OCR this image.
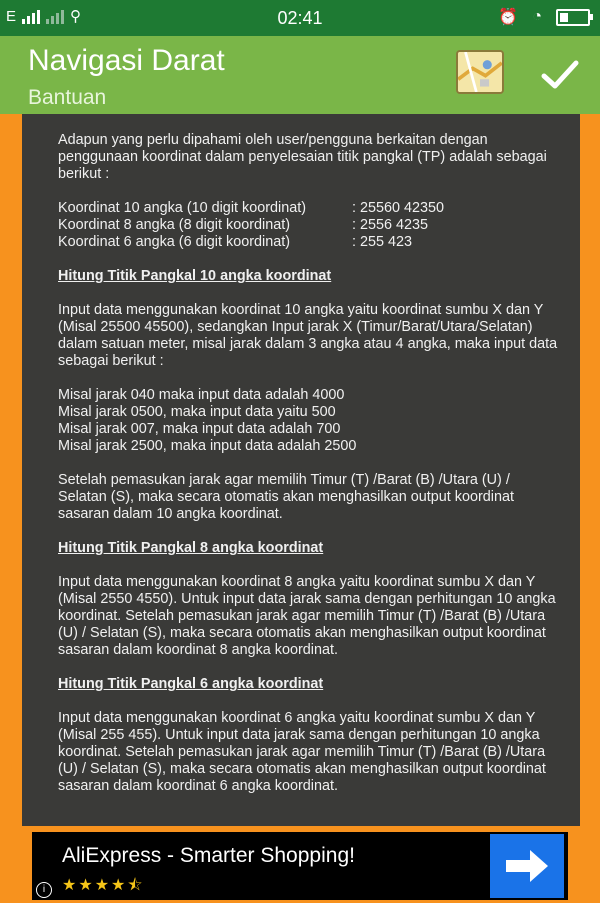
E	⚲	02:41	⏰ ◔
Navigasi Darat
Bantuan

Adapun yang perlu dipahami oleh user/pengguna berkaitan dengan penggunaan koordinat dalam penyelesaian titik pangkal (TP) adalah sebagai berikut :

Koordinat 10 angka (10 digit koordinat)	: 25560 42350
Koordinat 8 angka (8 digit koordinat)	: 2556 4235
Koordinat 6 angka (6 digit koordinat)	: 255 423
Hitung Titik Pangkal 10 angka koordinat

Input data menggunakan koordinat 10 angka yaitu koordinat sumbu X dan Y (Misal 25500 45500), sedangkan Input jarak X (Timur/Barat/Utara/Selatan) dalam satuan meter, misal jarak dalam 3 angka atau 4 angka, maka input data sebagai berikut :

Misal jarak 040 maka input data adalah 4000

Misal jarak 0500, maka input data yaitu 500

Misal jarak 007, maka input data adalah 700

Misal jarak 2500, maka input data adalah 2500

Setelah pemasukan jarak agar memilih Timur (T) /Barat (B) /Utara (U) / Selatan (S), maka secara otomatis akan menghasilkan output koordinat sasaran dalam 10 angka koordinat.

Hitung Titik Pangkal 8 angka koordinat

Input data menggunakan koordinat 8 angka yaitu koordinat sumbu X dan Y (Misal 2550 4550). Untuk input data jarak sama dengan perhitungan 10 angka koordinat. Setelah pemasukan jarak agar memilih Timur (T) /Barat (B) /Utara (U) / Selatan (S), maka secara otomatis akan menghasilkan output koordinat sasaran dalam koordinat 8 angka koordinat.

Hitung Titik Pangkal 6 angka koordinat

Input data menggunakan koordinat 6 angka yaitu koordinat sumbu X dan Y (Misal 255 455). Untuk input data jarak sama dengan perhitungan 10 angka koordinat. Setelah pemasukan jarak agar memilih Timur (T) /Barat (B) /Utara (U) / Selatan (S), maka secara otomatis akan menghasilkan output koordinat sasaran dalam koordinat 6 angka koordinat.

AliExpress - Smarter Shopping!
★★★★⯪
i
